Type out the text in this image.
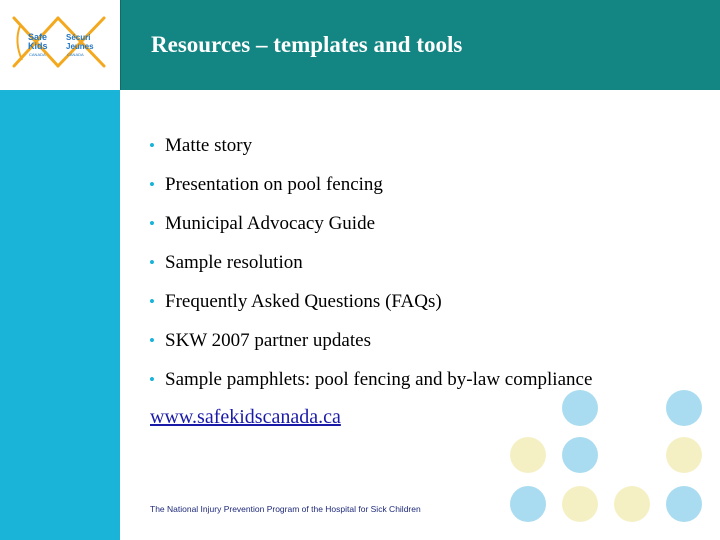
Safe
Kids
CANADA
Sécuri
Jeunes
CANADA	Resources – templates and tools
• Matte story
• Presentation on pool fencing
• Municipal Advocacy Guide
• Sample resolution
• Frequently Asked Questions (FAQs)
• SKW 2007 partner updates
• Sample pamphlets: pool fencing and by-law compliance
www.safekidscanada.ca
The National Injury Prevention Program of the Hospital for Sick Children
